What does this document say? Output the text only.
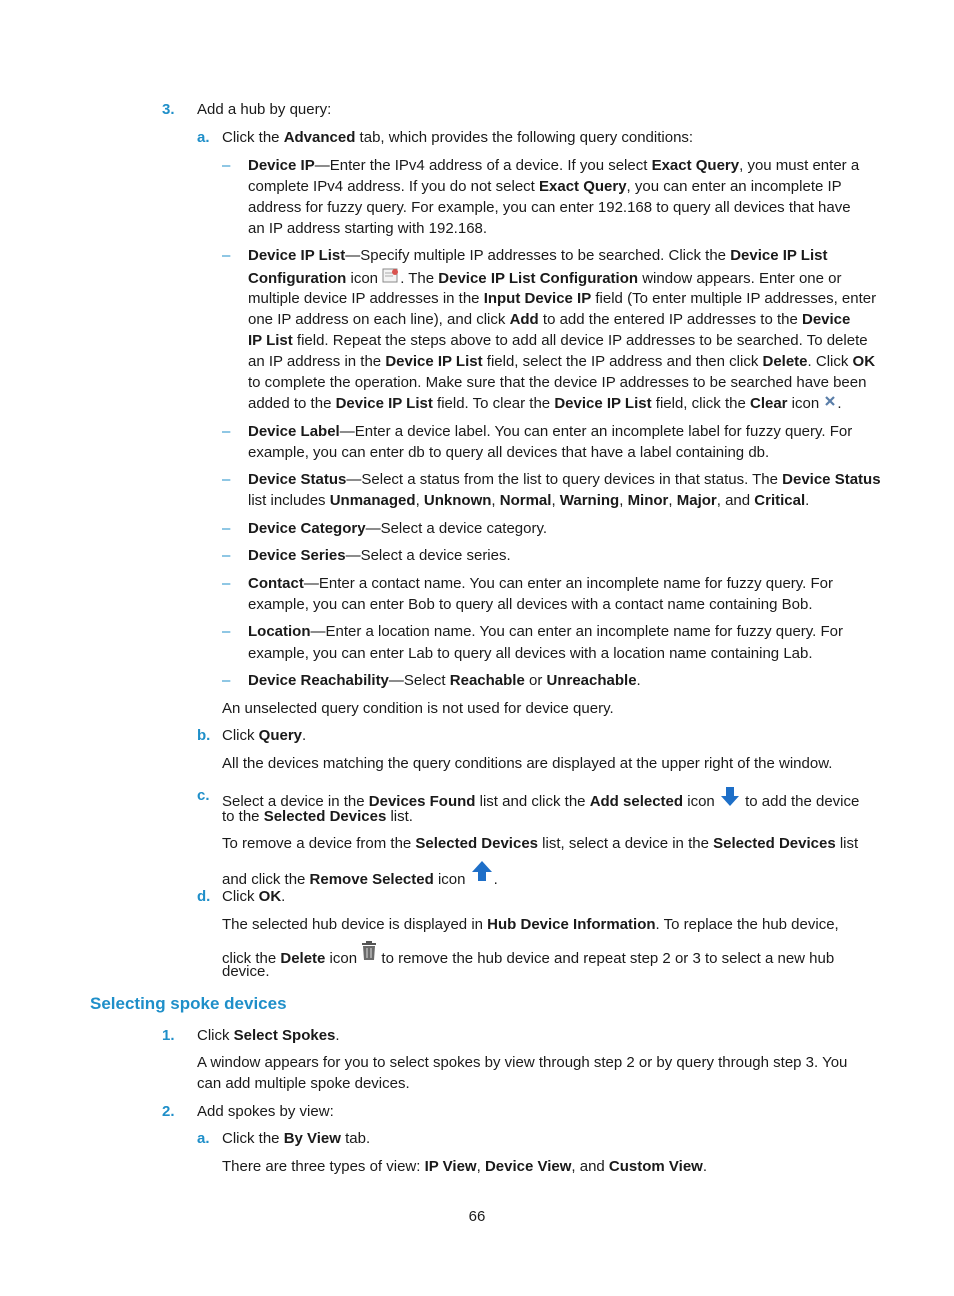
3. Add a hub by query:
a. Click the Advanced tab, which provides the following query conditions:
– Device IP—Enter the IPv4 address of a device. If you select Exact Query, you must enter a
complete IPv4 address. If you do not select Exact Query, you can enter an incomplete IP
address for fuzzy query. For example, you can enter 192.168 to query all devices that have
an IP address starting with 192.168.
– Device IP List—Specify multiple IP addresses to be searched. Click the Device IP List
Configuration icon . The Device IP List Configuration window appears. Enter one or
multiple device IP addresses in the Input Device IP field (To enter multiple IP addresses, enter
one IP address on each line), and click Add to add the entered IP addresses to the Device
IP List field. Repeat the steps above to add all device IP addresses to be searched. To delete
an IP address in the Device IP List field, select the IP address and then click Delete. Click OK
to complete the operation. Make sure that the device IP addresses to be searched have been
added to the Device IP List field. To clear the Device IP List field, click the Clear icon .
– Device Label—Enter a device label. You can enter an incomplete label for fuzzy query. For
example, you can enter db to query all devices that have a label containing db.
– Device Status—Select a status from the list to query devices in that status. The Device Status
list includes Unmanaged, Unknown, Normal, Warning, Minor, Major, and Critical.
– Device Category—Select a device category.
– Device Series—Select a device series.
– Contact—Enter a contact name. You can enter an incomplete name for fuzzy query. For
example, you can enter Bob to query all devices with a contact name containing Bob.
– Location—Enter a location name. You can enter an incomplete name for fuzzy query. For
example, you can enter Lab to query all devices with a location name containing Lab.
– Device Reachability—Select Reachable or Unreachable.
An unselected query condition is not used for device query.
b. Click Query.
All the devices matching the query conditions are displayed at the upper right of the window.
c. Select a device in the Devices Found list and click the Add selected icon  to add the device
to the Selected Devices list.
To remove a device from the Selected Devices list, select a device in the Selected Devices list
and click the Remove Selected icon .
d. Click OK.
The selected hub device is displayed in Hub Device Information. To replace the hub device,
click the Delete icon  to remove the hub device and repeat step 2 or 3 to select a new hub
device.
Selecting spoke devices
1. Click Select Spokes.
A window appears for you to select spokes by view through step 2 or by query through step 3. You
can add multiple spoke devices.
2. Add spokes by view:
a. Click the By View tab.
There are three types of view: IP View, Device View, and Custom View.
66
